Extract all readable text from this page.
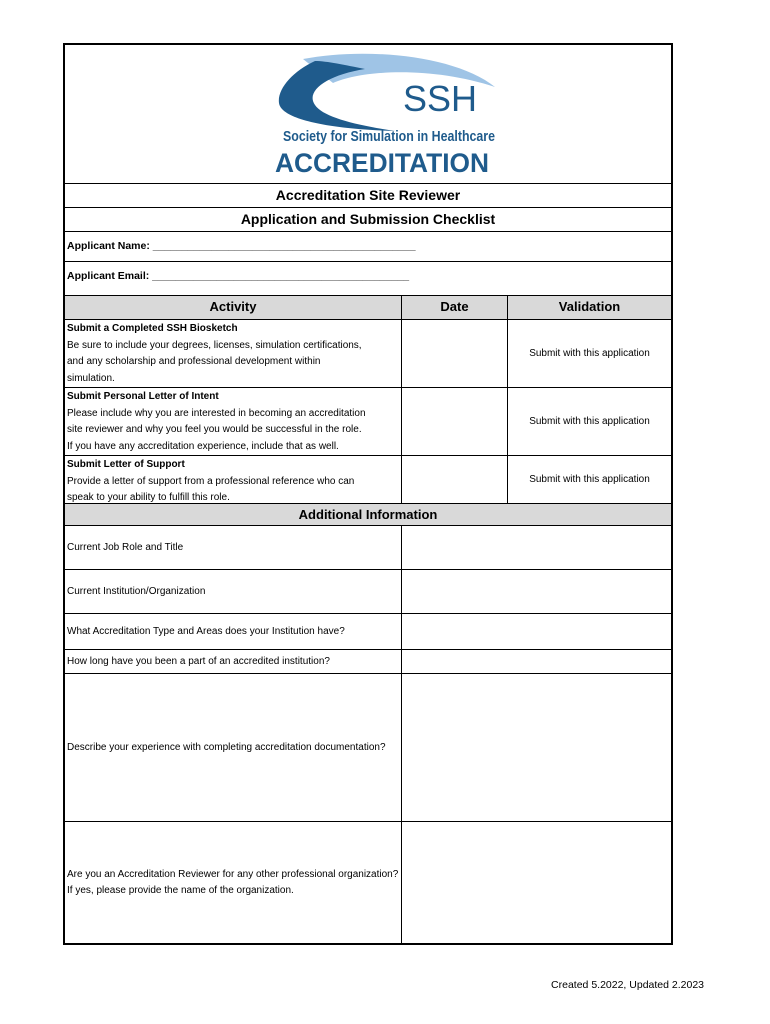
SSH
Society for Simulation in Healthcare
ACCREDITATION
Accreditation Site Reviewer
Application and Submission Checklist
Applicant Name: _____________________________________________
Applicant Email: ____________________________________________
Activity	Date	Validation
Submit a Completed SSH Biosketch
Be sure to include your degrees, licenses, simulation certifications,
and any scholarship and professional development within
simulation.
Submit with this application
Submit Personal Letter of Intent
Please include why you are interested in becoming an accreditation
site reviewer and why you feel you would be successful in the role.
If you have any accreditation experience, include that as well.
Submit with this application
Submit Letter of Support
Provide a letter of support from a professional reference who can
speak to your ability to fulfill this role.
Submit with this application
Additional Information
Current Job Role and Title
Current Institution/Organization
What Accreditation Type and Areas does your Institution have?
How long have you been a part of an accredited institution?
Describe your experience with completing accreditation documentation?
Are you an Accreditation Reviewer for any other professional organization? If yes, please provide the name of the organization.
Created 5.2022, Updated 2.2023
